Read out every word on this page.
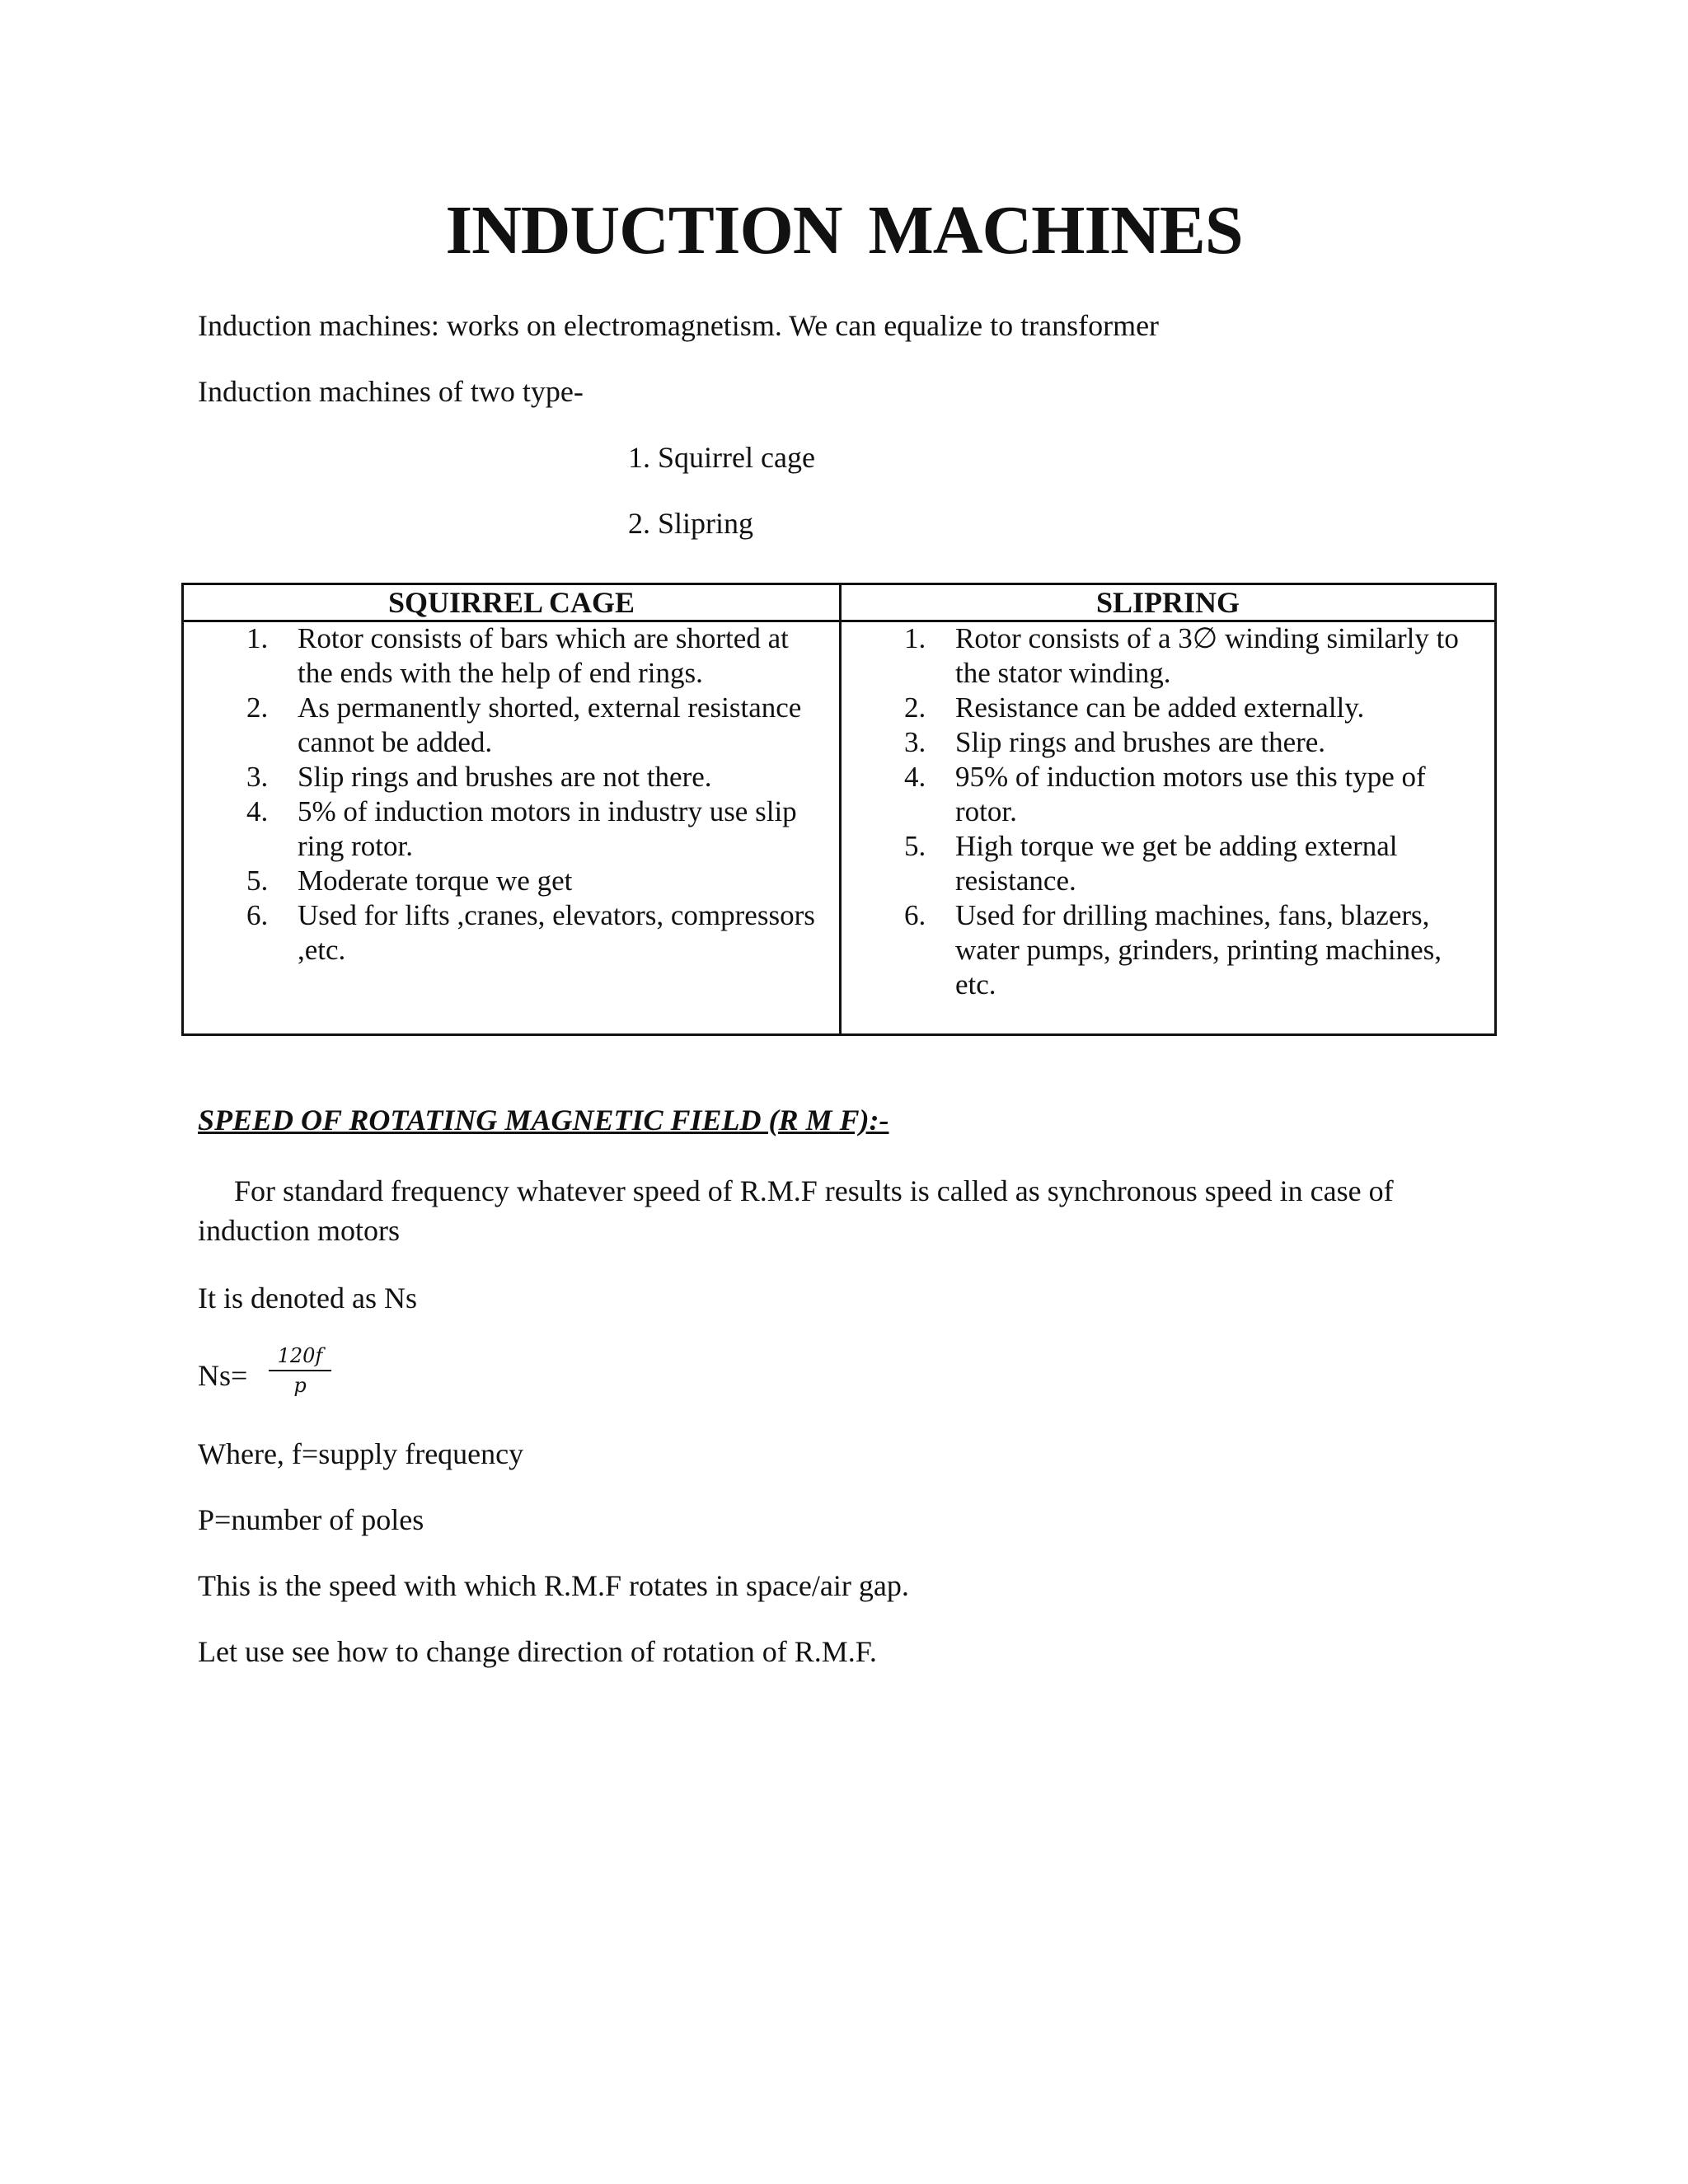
INDUCTION MACHINES
Induction machines: works on electromagnetism. We can equalize to transformer
Induction machines of two type-
1. Squirrel cage
2. Slipring
SQUIRREL CAGE
1. Rotor consists of bars which are shorted at the ends with the help of end rings.
2. As permanently shorted, external resistance cannot be added.
3. Slip rings and brushes are not there.
4. 5% of induction motors in industry use slip ring rotor.
5. Moderate torque we get
6. Used for lifts ,cranes, elevators, compressors ,etc.
SLIPRING
1. Rotor consists of a 3∅ winding similarly to the stator winding.
2. Resistance can be added externally.
3. Slip rings and brushes are there.
4. 95% of induction motors use this type of rotor.
5. High torque we get be adding external resistance.
6. Used for drilling machines, fans, blazers, water pumps, grinders, printing machines, etc.
SPEED OF ROTATING MAGNETIC FIELD (R M F):-
For standard frequency whatever speed of R.M.F results is called as synchronous speed in case of induction motors
It is denoted as Ns
$Ns= \frac{120f}{p}$
Where, f=supply frequency
P=number of poles
This is the speed with which R.M.F rotates in space/air gap.
Let use see how to change direction of rotation of R.M.F.
